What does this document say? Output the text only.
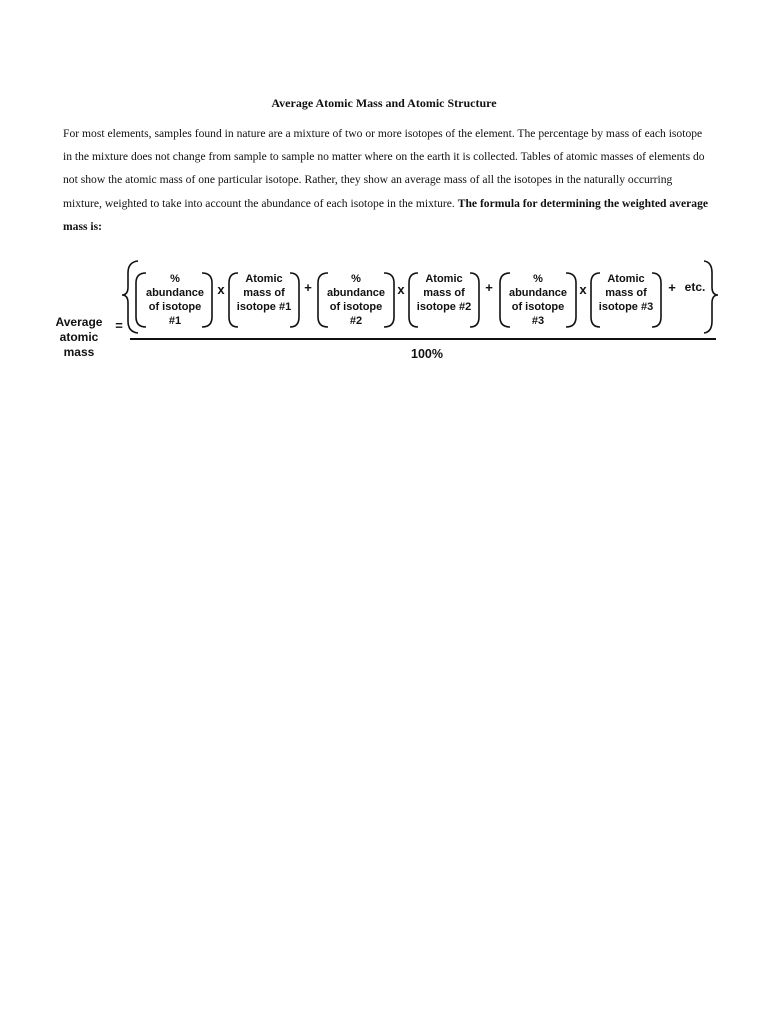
Average Atomic Mass and Atomic Structure

For most elements, samples found in nature are a mixture of two or more isotopes of the element. The percentage by mass of each isotope in the mixture does not change from sample to sample no matter where on the earth it is collected. Tables of atomic masses of elements do not show the atomic mass of one particular isotope. Rather, they show an average mass of all the isotopes in the naturally occurring mixture, weighted to take into account the abundance of each isotope in the mixture. The formula for determining the weighted average mass is:

Average
atomic
mass
=
100%
%
abundance
of isotope
#1
x
Atomic
mass of
isotope #1
+
%
abundance
of isotope
#2
x
Atomic
mass of
isotope #2
+
%
abundance
of isotope
#3
x
Atomic
mass of
isotope #3
+ etc.
